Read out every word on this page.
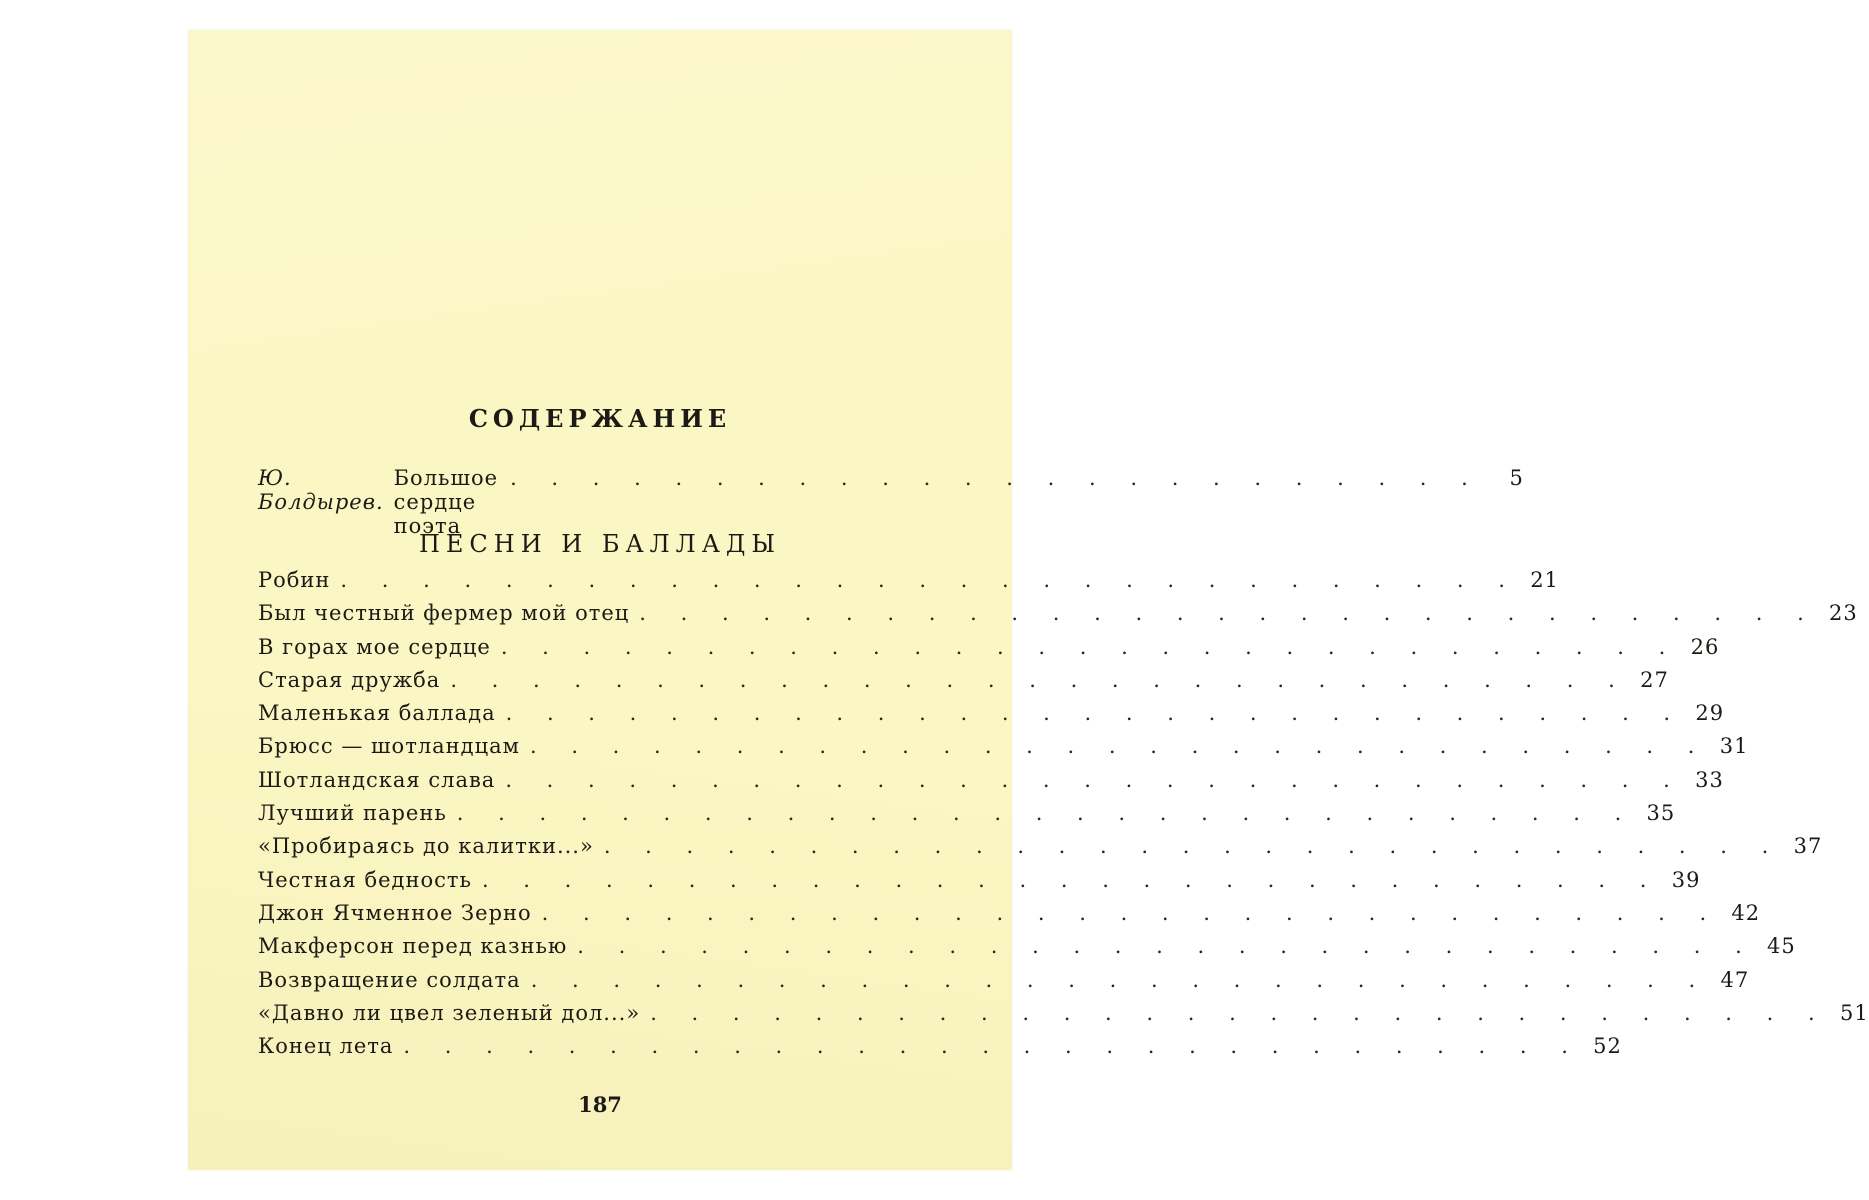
СОДЕРЖАНИЕ
Ю. Болдырев.
Большое сердце поэта
. . . . . . . . . . . . . . . . . . . . . . . .	5
ПЕСНИ И БАЛЛАДЫ
Робин . . . . . . . . . . . . . . . . . . . . . . . . . . . . . 21
Был честный фермер мой отец . . . . . . . . . . . . . . . . . . . . . . . . . . . . . 23
В горах мое сердце . . . . . . . . . . . . . . . . . . . . . . . . . . . . . 26
Старая дружба . . . . . . . . . . . . . . . . . . . . . . . . . . . . . 27
Маленькая баллада . . . . . . . . . . . . . . . . . . . . . . . . . . . . . 29
Брюсс — шотландцам . . . . . . . . . . . . . . . . . . . . . . . . . . . . . 31
Шотландская слава . . . . . . . . . . . . . . . . . . . . . . . . . . . . . 33
Лучший парень . . . . . . . . . . . . . . . . . . . . . . . . . . . . . 35
«Пробираясь до калитки...» . . . . . . . . . . . . . . . . . . . . . . . . . . . . . 37
Честная бедность . . . . . . . . . . . . . . . . . . . . . . . . . . . . . 39
Джон Ячменное Зерно . . . . . . . . . . . . . . . . . . . . . . . . . . . . . 42
Макферсон перед казнью . . . . . . . . . . . . . . . . . . . . . . . . . . . . . 45
Возвращение солдата . . . . . . . . . . . . . . . . . . . . . . . . . . . . . 47
«Давно ли цвел зеленый дол...» . . . . . . . . . . . . . . . . . . . . . . . . . . . . . 51
Конец лета . . . . . . . . . . . . . . . . . . . . . . . . . . . . . 52
187
